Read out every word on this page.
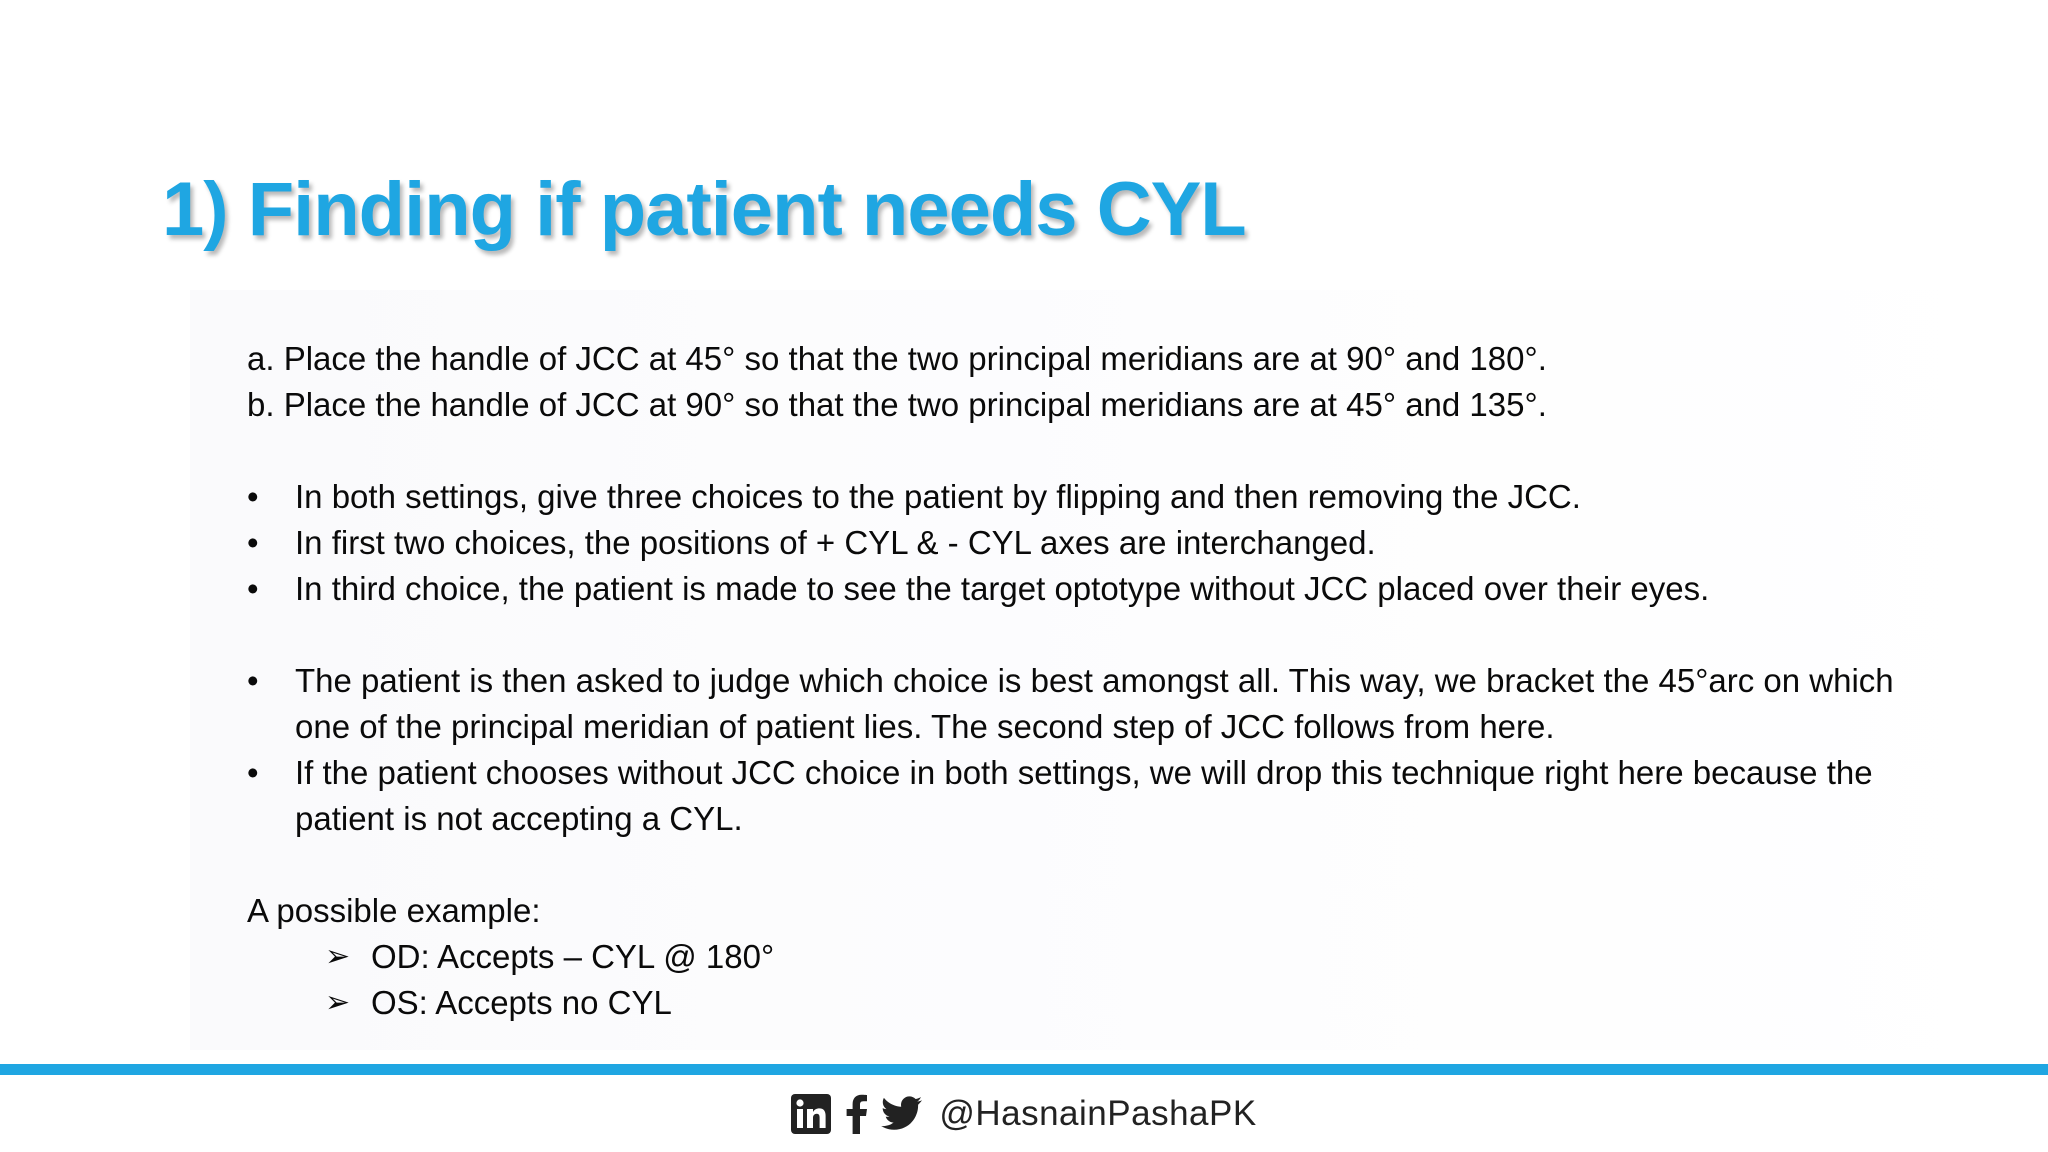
1) Finding if patient needs CYL
a. Place the handle of JCC at 45° so that the two principal meridians are at 90° and 180°.
b. Place the handle of JCC at 90° so that the two principal meridians are at 45° and 135°.
• In both settings, give three choices to the patient by flipping and then removing the JCC.
• In first two choices, the positions of + CYL & - CYL axes are interchanged.
• In third choice, the patient is made to see the target optotype without JCC placed over their eyes.
• The patient is then asked to judge which choice is best amongst all. This way, we bracket the 45°arc on which
one of the principal meridian of patient lies. The second step of JCC follows from here.
• If the patient chooses without JCC choice in both settings, we will drop this technique right here because the
patient is not accepting a CYL.
A possible example:
➢ OD: Accepts – CYL @ 180°
➢ OS: Accepts no CYL
@HasnainPashaPK
